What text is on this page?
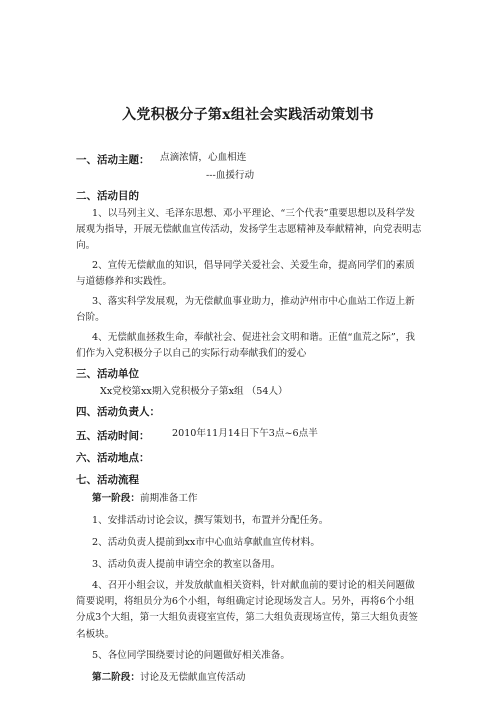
入党积极分子第x组社会实践活动策划书
一、活动主题： 点滴浓情，心血相连
---血援行动
二、活动目的
1、以马列主义、毛泽东思想、邓小平理论、“三个代表”重要思想以及科学发展观为指导，开展无偿献血宣传活动，发扬学生志愿精神及奉献精神，向党表明志向。
2、宣传无偿献血的知识，倡导同学关爱社会、关爱生命，提高同学们的素质与道德修养和实践性。
3、落实科学发展观，为无偿献血事业助力，推动泸州市中心血站工作迈上新台阶。
4、无偿献血拯救生命，奉献社会、促进社会文明和谐。正值“血荒之际”，我们作为入党积极分子以自己的实际行动奉献我们的爱心
三、活动单位
Xx党校第xx期入党积极分子第x组 （54人）
四、活动负责人：
五、活动时间： 2010年11月14日下午3点~6点半
六、活动地点：
七、活动流程
第一阶段：前期准备工作
1、安排活动讨论会议，撰写策划书，布置并分配任务。
2、活动负责人提前到xx市中心血站拿献血宣传材料。
3、活动负责人提前申请空余的教室以备用。
4、召开小组会议，并发放献血相关资料，针对献血前的要讨论的相关问题做简要说明，将组员分为6个小组，每组确定讨论现场发言人。另外，再将6个小组分成3个大组，第一大组负责寝室宣传，第二大组负责现场宣传，第三大组负责签名板块。
5、各位同学围绕要讨论的问题做好相关准备。
第二阶段：讨论及无偿献血宣传活动
